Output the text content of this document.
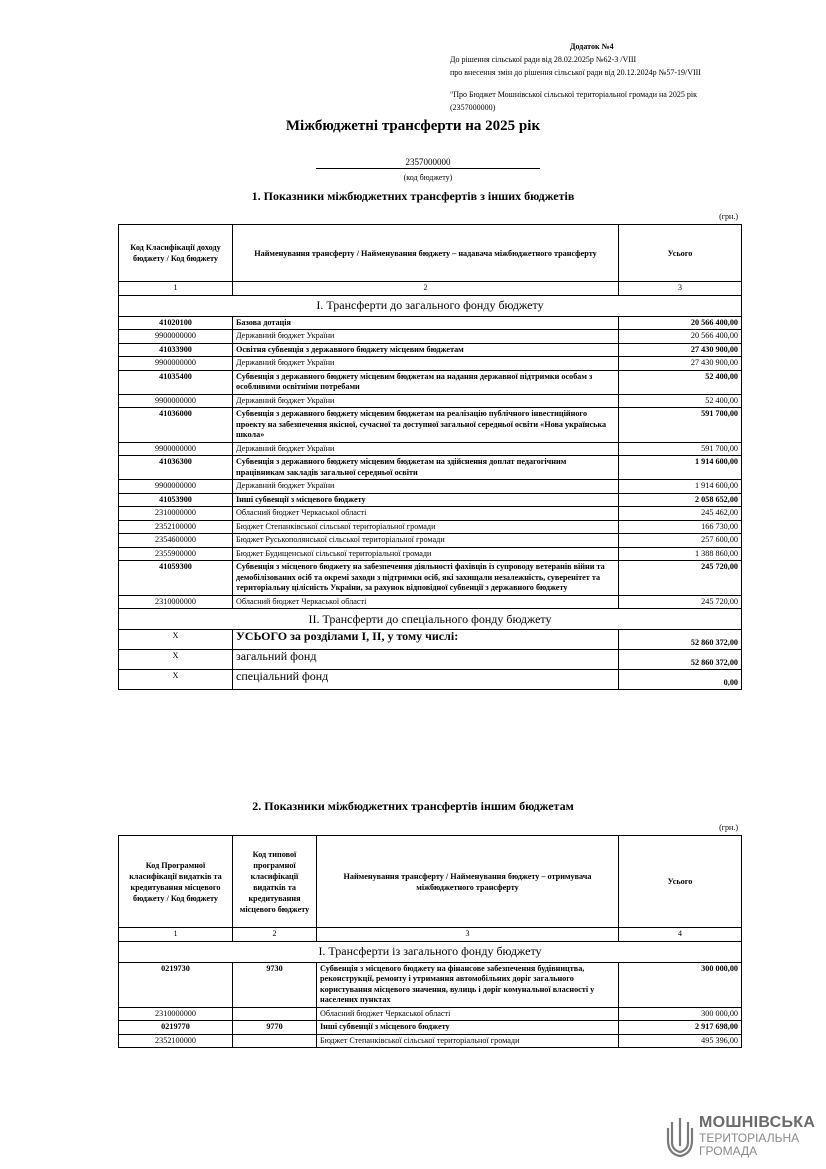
Додаток №4
До рішення сільської ради від 28.02.2025р №62-3 /VIII
про внесення змін до рішення сільської ради від 20.12.2024р №57-19/VIII
"Про Бюджет Мошнівської сільської територіальної громади на 2025 рік
(2357000000)
Міжбюджетні трансферти на 2025 рік
2357000000
(код бюджету)
1. Показники міжбюджетних трансфертів з інших бюджетів
(грн.)
Код Класифікації доходу бюджету / Код бюджету	Найменування трансферту / Найменування бюджету – надавача міжбюджетного трансферту	Усього
1	2	3
I. Трансферти до загального фонду бюджету		
41020100	Базова дотація	20 566 400,00
9900000000	Державний бюджет України	20 566 400,00
41033900	Освітня субвенція з державного бюджету місцевим бюджетам	27 430 900,00
9900000000	Державний бюджет України	27 430 900,00
41035400	Субвенція з державного бюджету місцевим бюджетам на надання державної підтримки особам з особливими освітніми потребами	52 400,00
9900000000	Державний бюджет України	52 400,00
41036000	Субвенція з державного бюджету місцевим бюджетам на реалізацію публічного інвестиційного проекту на забезпечення якісної, сучасної та доступної загальної середньої освіти «Нова українська школа»	591 700,00
9900000000	Державний бюджет України	591 700,00
41036300	Субвенція з державного бюджету місцевим бюджетам на здійснення доплат педагогічним працівникам закладів загальної середньої освіти	1 914 600,00
9900000000	Державний бюджет України	1 914 600,00
41053900	Інші субвенції з місцевого бюджету	2 058 652,00
2310000000	Обласний бюджет Черкаської області	245 462,00
2352100000	Бюджет Степанківської сільської територіальної громади	166 730,00
2354600000	Бюджет Руськополянської сільської територіальної громади	257 600,00
2355900000	Бюджет Будищенської сільської територіальної громади	1 388 860,00
41059300	Субвенція з місцевого бюджету на забезпечення діяльності фахівців із супроводу ветеранів війни та демобілізованих осіб та окремі заходи з підтримки осіб, які захищали незалежність, суверенітет та територіальну цілісність України, за рахунок відповідної субвенції з державного бюджету	245 720,00
2310000000	Обласний бюджет Черкаської області	245 720,00
II. Трансферти до спеціального фонду бюджету		
X	УСЬОГО за розділами I, II, у тому числі:	52 860 372,00
X	загальний фонд	52 860 372,00
X	спеціальний фонд	0,00
2. Показники міжбюджетних трансфертів іншим бюджетам
(грн.)
Код Програмної класифікації видатків та кредитування місцевого бюджету / Код бюджету	Код типової програмної класифікації видатків та кредитування місцевого бюджету	Найменування трансферту / Найменування бюджету – отримувача міжбюджетного трансферту	Усього
1	2	3	4
I. Трансферти із загального фонду бюджету			
0219730	9730	Субвенція з місцевого бюджету на фінансове забезпечення будівництва, реконструкції, ремонту і утримання автомобільних доріг загального користування місцевого значення, вулиць і доріг комунальної власності у населених пунктах	300 000,00
2310000000		Обласний бюджет Черкаської області	300 000,00
0219770	9770	Інші субвенції з місцевого бюджету	2 917 698,00
2352100000		Бюджет Степанківської сільської територіальної громади	495 396,00
МОШНІВСЬКА
ТЕРИТОРІАЛЬНА
ГРОМАДА
